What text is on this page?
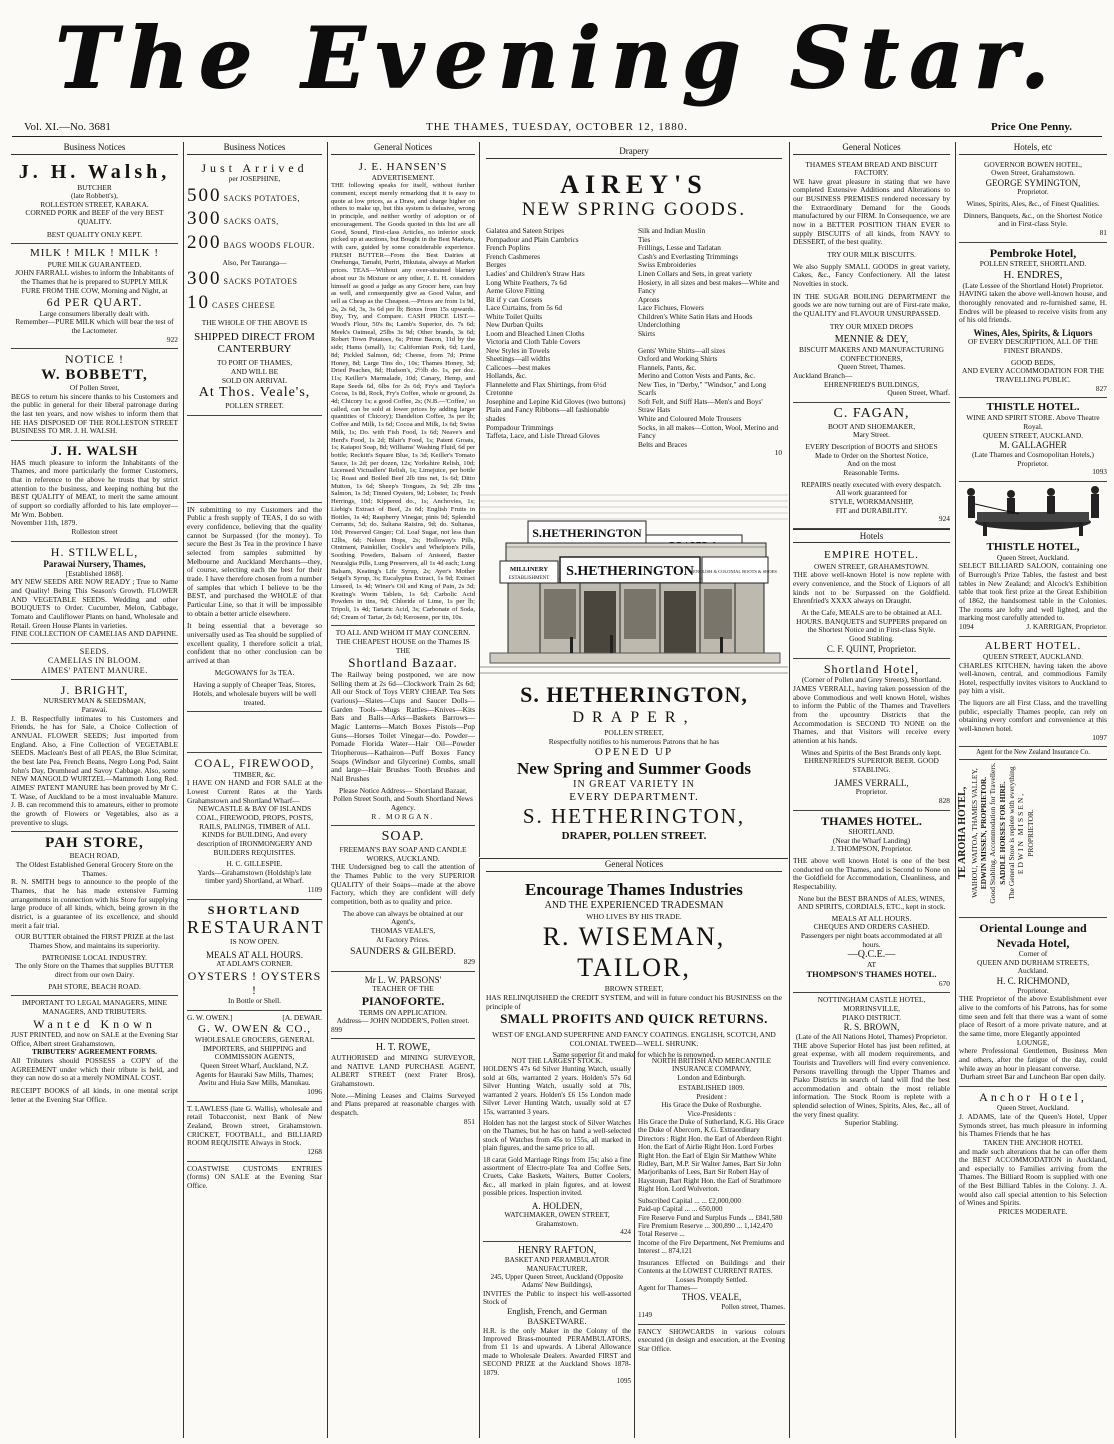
The Evening Star.
Vol. XI.—No. 3681	THE THAMES, TUESDAY, OCTOBER 12, 1880.	Price One Penny.
Business Notices
J. H. Walsh,
BUTCHER
(late Robbett's),
ROLLESTON STREET, KARAKA.
CORNED PORK and BEEF of the very BEST QUALITY.
BEST QUALITY ONLY KEPT.
MILK ! MILK ! MILK !
PURE MILK GUARANTEED.
JOHN FARRALL wishes to inform the Inhabitants of the Thames that he is prepared to SUPPLY MILK FURE FROM THE COW, Morning and Night, at
6d PER QUART.
Large consumers liberally dealt with.
Remember—PURE MILK which will bear the test of the Lactometer.
922
NOTICE !
W. BOBBETT,
Of Pollen Street,
BEGS to return his sincere thanks to his Customers and the public in general for their liberal patronage during the last ten years, and now wishes to inform them that HE HAS DISPOSED OF THE ROLLESTON STREET BUSINESS TO MR. J. H. WALSH.
J. H. WALSH
HAS much pleasure to inform the Inhabitants of the Thames, and more particularly the former Customers, that in reference to the above he trusts that by strict attention to the business, and keeping nothing but the BEST QUALITY of MEAT, to merit the same amount of support so cordially afforded to his late employer—Mr Wm. Bobbett.
November 11th, 1879.
Rolleston street
H. STILWELL,
Parawai Nursery, Thames,
[Established 1868].
MY NEW SEEDS ARE NOW READY ; True to Name and Quality! Being This Season's Growth. FLOWER AND VEGETABLE SEEDS. Wedding and other BOUQUETS to Order. Cucumber, Melon, Cabbage, Tomato and Cauliflower Plants on hand, Wholesale and Retail. Green House Plants in varieties.
FINE COLLECTION OF CAMELIAS AND DAPHNE.
SEEDS.
CAMELIAS IN BLOOM.
AIMES' PATENT MANURE.
J. BRIGHT,
NURSERYMAN & SEEDSMAN,
Parawai.
J. B. Respectfully intimates to his Customers and Friends, he has for Sale, a Choice Collection of ANNUAL FLOWER SEEDS; Just imported from England. Also, a Fine Collection of VEGETABLE SEEDS. Maclean's Best of all PEAS, the Blue Scimitar, the best late Pea, French Beans, Negro Long Pod, Saint John's Day, Drumhead and Savoy Cabbage. Also, some NEW MANGOLD WURTZEL—Mammoth Long Red. AIMES' PATENT MANURE has been proved by Mr C. T. Wase, of Auckland to be a most invaluable Manure. J. B. can recommend this to amateurs, either to promote the growth of Flowers or Vegetables, also as a preventive to slugs.
PAH STORE,
BEACH ROAD,
The Oldest Established General Grocery Store on the Thames.
R. N. SMITH begs to announce to the people of the Thames, that he has made extensive Farming arrangements in connection with his Store for supplying large produce of all kinds, which, being grown in the district, is a guarantee of its excellence, and should merit a fair trial.
OUR BUTTER obtained the FIRST PRIZE at the last Thames Show, and maintains its superiority.
PATRONISE LOCAL INDUSTRY.
The only Store on the Thames that supplies BUTTER direct from our own Dairy.
PAH STORE, BEACH ROAD.
IMPORTANT TO LEGAL MANAGERS, MINE MANAGERS, AND TRIBUTERS.
Wanted Known
JUST PRINTED, and now on SALE at the Evening Star Office, Albert street Grahamstown,
TRIBUTERS' AGREEMENT FORMS.
All Tributers should POSSESS a COPY of the AGREEMENT under which their tribute is held, and they can now do so at a merely NOMINAL COST.
RECEIPT BOOKS of all kinds, in one mental script letter at the Evening Star Office.
Business Notices
Just Arrived
per JOSEPHINE,
500 SACKS POTATOES,
300 SACKS OATS,
200 BAGS WOODS FLOUR.
Also, Per Tauranga—
300 SACKS POTATOES
10 CASES CHEESE
THE WHOLE OF THE ABOVE IS
SHIPPED DIRECT FROM CANTERBURY
TO PORT OF THAMES,
AND WILL BE
SOLD ON ARRIVAL
At Thos. Veale's,
POLLEN STREET.
IN submitting to my Customers and the Public a fresh supply of TEAS, I do so with every confidence, believing that the quality cannot be Surpassed (for the money). To secure the Best 3s Tea in the province I have selected from samples submitted by Melbourne and Auckland Merchants—they, of course, selecting each the best for their trade. I have therefore chosen from a number of samples that which I believe to be the BEST, and purchased the WHOLE of that Particular Line, so that it will be impossible to obtain a better article elsewhere.
It being essential that a beverage so universally used as Tea should be supplied of excellent quality, I therefore solicit a trial, confident that no other conclusion can be arrived at than
McGOWAN'S for 3s TEA.
Having a supply of Cheaper Teas, Stores, Hotels, and wholesale buyers will be well treated.
COAL, FIREWOOD,
TIMBER, &c.
I HAVE ON HAND and FOR SALE at the Lowest Current Rates at the Yards Grahamstown and Shortland Wharf—
NEWCASTLE & BAY OF ISLANDS COAL, FIREWOOD, PROPS, POSTS, RAILS, PALINGS, TIMBER of ALL KINDS for BUILDING, And every description of IRONMONGERY AND BUILDERS REQUISITES.
H. C. GILLESPIE.
Yards—Grahamstown (Holdship's late timber yard) Shortland, at Wharf.
1109
SHORTLAND
RESTAURANT
IS NOW OPEN.
MEALS AT ALL HOURS.
AT ADLAM'S CORNER.
OYSTERS ! OYSTERS !
In Bottle or Shell.
G. W. OWEN.]	[A. DEWAR.
G. W. OWEN & CO.,
WHOLESALE GROCERS, GENERAL IMPORTERS, and SHIPPING and COMMISSION AGENTS,
Queen Street Wharf, Auckland, N.Z.
Agents for Hauraki Saw Mills, Thames; Awitu and Huia Saw Mills, Manukau.
1096
T. LAWLESS (late G. Wallis), wholesale and retail Tobacconist, next Bank of New Zealand, Brown street, Grahamstown. CRICKET, FOOTBALL, and BILLIARD ROOM REQUISITE Always in Stock.
1268
COASTWISE CUSTOMS ENTRIES (forms) ON SALE at the Evening Star Office.
General Notices
J. E. HANSEN'S
ADVERTISEMENT.
THE following speaks for itself, without further comment, except merely remarking that it is easy to quote at low prices, as a Draw, and charge higher on others to make up, but this system is delusive, wrong in principle, and neither worthy of adoption or of encouragement. The Goods quoted in this list are all Good, Sound, First-class Articles, no inferior stock picked up at auctions, but Bought in the Best Markets, with care, guided by some considerable experience. FRESH BUTTER—From the Best Dairies at Onehunga, Tamahi, Puriri, Hikutaia, always at Market prices. TEAS—Without any over-strained blarney about our 3s Mixture or any other, J. E. H. considers himself as good a judge as any Grocer here, can buy as well, and consequently give as Good Value, and sell as Cheap as the Cheapest.—Prices are from 1s 9d, 2s, 2s 6d, 3s, 3s 6d per lb; Boxes from 15s upwards. Buy, Try, and Compare. CASH PRICE LIST.—Wood's Flour, 50's 8s; Lamb's Superior, do. 7s 6d; Meek's Oatmeal, 25lbs 3s 9d; Other brands, 3s 6d; Robert Town Potatoes, 6s; Prime Bacon, 11d by the side; Hams (small), 1s; Californian Pork, 6d; Lard, 8d; Pickled Salmon, 6d; Cheese, from 7d; Prime Honey, 8d; Large Tins do., 10s; Thames Honey, 3d; Dried Peaches, 8d; Hudson's, 2½lb do. 1s, per doz. 11s; Keiller's Marmalade, 10d; Canary, Hemp, and Rape Seeds 6d, 6lbs for 2s 6d; Fry's and Taylor's Cocoa, 1s 8d, Rock, Fry's Coffee, whole or ground, 2s 4d; Chicory 1s; a good Coffee, 2s; (N.B.—'Coffee,' so called, can be sold at lower prices by adding larger quantities of Chicory); Dandelion Coffee, 3s per lb; Coffee and Milk, 1s 6d; Cocoa and Milk, 1s 6d; Swiss Milk, 1s; Do. with Fish Food, 1s 6d; Neave's and Herd's Food, 1s 2d; Blair's Food, 1s; Patent Groats, 1s; Kaiapoi Soap, 8d; Williams' Washing Fluid, 6d per bottle; Reckitt's Square Blue, 1s 3d; Keiller's Tomato Sauce, 1s 2d; per dozen, 12s; Yorkshire Relish, 10d; Licensed Victuallers' Relish, 1s; Limejuice, per bottle 1s; Roast and Boiled Beef 2lb tins net, 1s 6d; Ditto Mutton, 1s 6d; Sheep's Tongues, 2s 9d; 2lb tins Salmon, 1s 3d; Tinned Oysters, 9d; Lobster, 1s; Fresh Herrings, 10d; Kippered do., 1s; Anchovies, 1s; Liebig's Extract of Beef, 2s 6d; English Fruits in Bottles, 1s 4d; Raspberry Vinegar, pints 9d; Splendid Currants, 5d; do. Sultana Raisins, 9d; do. Sultanas, 10d; Preserved Ginger; Cd. Loaf Sugar, not less than 12lbs, 6d; Nelson Hops, 2s; Holloway's Pills, Ointment, Painkiller, Cockle's and Whelpton's Pills, Soothing Powders, Balsam of Aniseed, Baxter Neuralgia Pills, Lung Preservers, all 1s 4d each; Lung Balsam, Keating's Life Syrup, 2s; Ayer's Mother Seigel's Syrup, 3s; Eucalyptus Extract, 1s 9d; Extract Linseed, 1s 4d; Winer's Oil and King of Pain, 2s 3d; Keating's Worm Tablets, 1s 6d; Carbolic Acid Powders in tins, 9d; Chloride of Lime, 1s per lb; Tripoli, 1s 4d; Tartaric Acid, 3s; Carbonate of Soda, 6d; Cream of Tartar, 2s 6d; Kerosene, per tin, 10s.
TO ALL AND WHOM IT MAY CONCERN.
THE CHEAPEST HOUSE on the Thames IS THE
Shortland Bazaar.
The Railway being postponed, we are now Selling them at 2s 6d—Clockwork Train 2s 6d; All our Stock of Toys VERY CHEAP. Tea Sets (various)—Slates—Cups and Saucer Dolls—Garden Tools—Mugs Rattles—Knives—Kits Bats and Balls—Arks—Baskets Barrows—Magic Lanterns—Match Boxes Pistols—Pop Guns—Horses Toilet Vinegar—do. Powder—Pomade Florida Water—Hair Oil—Powder Triopherous—Kathairon—Puff Boxes Fancy Soaps (Windsor and Glycerine) Combs, small and large—Hair Brushes Tooth Brushes and Nail Brushes
Please Notice Address— Shortland Bazaar, Pollen Street South, and South Shortland News Agency.
R. MORGAN.
SOAP.
FREEMAN'S BAY SOAP AND CANDLE WORKS, AUCKLAND.
THE Undersigned beg to call the attention of the Thames Public to the very SUPERIOR QUALITY of their Soaps—made at the above Factory, which they are confident will defy competition, both as to quality and price.
The above can always be obtained at our Agent's,
THOMAS VEALE'S,
At Factory Prices.
SAUNDERS & GILBERD.
829
Mr L. W. PARSONS'
TEACHER OF THE
PIANOFORTE.
TERMS ON APPLICATION.
Address— JOHN NODDER'S, Pollen street.
899
H. T. ROWE,
AUTHORISED and MINING SURVEYOR, and NATIVE LAND PURCHASE AGENT, ALBERT STREET (next Frater Bros), Grahamstown.
Note.—Mining Leases and Claims Surveyed and Plans prepared at reasonable charges with despatch.
851
Drapery
AIREY'S
NEW SPRING GOODS.
Galatea and Sateen Stripes
Pompadour and Plain Cambrics
French Poplins
French Cashmeres
Berges
Ladies' and Children's Straw Hats
Long White Feathers, 7s 6d
Aeme Glove Fitting
Bit if y can Corsets
Lace Curtains, from 5s 6d
White Toilet Quilts
New Durban Quilts
Loom and Bleached Linen Cloths
Victoria and Cloth Table Covers
New Styles in Towels
Sheetings—all widths
Calicoes—best makes
Hollands, &c.
Flannelette and Flax Shirtings, from 6½d
Cretonne
Josephine and Lepine Kid Gloves (two buttons)
Plain and Fancy Ribbons—all fashionable shades
Pompadour Trimmings
Taffeta, Lace, and Lisle Thread Gloves
Silk and Indian Muslin
Ties
Frillings, Lesse and Tarlatan
Cash's and Everlasting Trimmings
Swiss Embroideries
Linen Collars and Sets, in great variety
Hosiery, in all sizes and best makes—White and Fancy
Aprons
Lace Fichues, Flowers
Children's White Satin Hats and Hoods
Underclothing
Skirts

Gents' White Shirts—all sizes
Oxford and Working Shirts
Flannels, Pants, &c.
Merino and Cotton Vests and Pants, &c.
New Ties, in "Derby," "Windsor," and Long Scarfs
Soft Felt, and Stiff Hats—Men's and Boys'
Straw Hats
White and Coloured Mole Trousers
Socks, in all makes—Cotton, Wool, Merino and Fancy
Belts and Braces
10
S.HETHERINGTON
MILLINERY
ESTABLISHMENT S.HETHERINGTON ENGLISH & COLONIAL BOOTS & SHOES
S. HETHERINGTON,
DRAPER,
POLLEN STREET,
Respectfully notifies to his numerous Patrons that he has
OPENED UP
New Spring and Summer Goods
IN GREAT VARIETY IN
EVERY DEPARTMENT.
S. HETHERINGTON,
DRAPER, POLLEN STREET.
General Notices
Encourage Thames Industries
AND THE EXPERIENCED TRADESMAN
WHO LIVES BY HIS TRADE.
R. WISEMAN, TAILOR,
BROWN STREET,
HAS RELINQUISHED the CREDIT SYSTEM, and will in future conduct his BUSINESS on the principle of
SMALL PROFITS AND QUICK RETURNS.
WEST OF ENGLAND SUPERFINE AND FANCY COATINGS. ENGLISH, SCOTCH, AND COLONIAL TWEED—WELL SHRUNK.
Same superior fit and make for which he is renowned.
NOT THE LARGEST STOCK.
HOLDEN'S 47s 6d Silver Hunting Watch, usually sold at 60s, warranted 2 years. Holden's 57s 6d Silver Hunting Watch, usually sold at 70s, warranted 2 years. Holden's £6 15s London made Silver Lever Hunting Watch, usually sold at £7 15s, warranted 3 years.
Holden has not the largest stock of Silver Watches on the Thames, but he has on hand a well-selected stock of Watches from 45s to 155s, all marked in plain figures, and the same price to all.
18 carat Gold Marriage Rings from 15s; also a fine assortment of Electro-plate Tea and Coffee Sets, Cruets, Cake Baskets, Waiters, Butter Coolers, &c., all marked in plain figures, and at lowest possible prices. Inspection invited.
A. HOLDEN,
WATCHMAKER, OWEN STREET,
Grahamstown.
424
HENRY RAFTON,
BASKET AND PERAMBULATOR MANUFACTURER,
245, Upper Queen Street, Auckland (Opposite Adams' New Buildings),
INVITES the Public to inspect his well-assorted Stock of
English, French, and German BASKETWARE.
H.R. is the only Maker in the Colony of the Improved Brass-mounted PERAMBULATORS, from £1 1s and upwards. A Liberal Allowance made to Wholesale Dealers. Awarded FIRST and SECOND PRIZE at the Auckland Shows 1878-1879.
1095
NORTH BRITISH AND MERCANTILE INSURANCE COMPANY,
London and Edinburgh.
ESTABLISHED 1809.
President :
His Grace the Duke of Roxburghe.
Vice-Presidents :
His Grace the Duke of Sutherland, K.G. His Grace the Duke of Abercorn, K.G. Extraordinary Directors : Right Hon. the Earl of Aberdeen Right Hon. the Earl of Airlie Right Hon. Lord Forbes Right Hon. the Earl of Elgin Sir Matthew White Ridley, Bart, M.P. Sir Walter James, Bart Sir John Marjoribanks of Lees, Bart Sir Robert Hay of Haystoun, Bart Right Hon. the Earl of Strathmore Right Hon. Lord Wolverton.
Subscribed Capital ... ... £2,000,000
Paid-up Capital ... ... 650,000
Fire Reserve Fund and Surplus Funds ... £841,580
Fire Premium Reserve ... 300,890 ... 1,142,470
Total Reserve ...
Income of the Fire Department, Net Premiums and Interest ... 874,121
Insurances Effected on Buildings and their Contents at the LOWEST CURRENT RATES.
Losses Promptly Settled.
Agent for Thames—
THOS. VEALE,
Pollen street, Thames.
1149
FANCY SHOWCARDS in various colours executed (in design and execution, at the Evening Star Office.
General Notices
THAMES STEAM BREAD AND BISCUIT FACTORY.
WE have great pleasure in stating that we have completed Extensive Additions and Alterations to our BUSINESS PREMISES rendered necessary by the Extraordinary Demand for the Goods manufactured by our FIRM. In Consequence, we are now in a BETTER POSITION THAN EVER to supply BISCUITS of all kinds, from NAVY to DESSERT, of the best quality.
TRY OUR MILK BISCUITS.
We also Supply SMALL GOODS in great variety, Cakes, &c., Fancy Confectionery. All the latest Novelties in stock.
IN THE SUGAR BOILING DEPARTMENT the goods we are now turning out are of First-rate make, the QUALITY and FLAVOUR UNSURPASSED.
TRY OUR MIXED DROPS
MENNIE & DEY,
BISCUIT MAKERS AND MANUFACTURING CONFECTIONERS,
Queen Street, Thames.
Auckland Branch—
EHRENFRIED'S BUILDINGS,
Queen Street, Wharf.
C. FAGAN,
BOOT AND SHOEMAKER,
Mary Street.
EVERY Description of BOOTS and SHOES
Made to Order on the Shortest Notice,
And on the most
Reasonable Terms.
REPAIRS neatly executed with every despatch.
All work guaranteed for
STYLE, WORKMANSHIP,
FIT and DURABILITY.
924
Hotels
EMPIRE HOTEL.
OWEN STREET, GRAHAMSTOWN.
THE above well-known Hotel is now replete with every convenience, and the Stock of Liquors of all kinds not to be Surpassed on the Goldfield. Ehrenfried's XXXX always on Draught.
At the Cafe, MEALS are to be obtained at ALL HOURS. BANQUETS and SUPPERS prepared on the Shortest Notice and in First-class Style.
Good Stabling.
C. F. QUINT, Proprietor.
Shortland Hotel,
(Corner of Pollen and Grey Streets), Shortland.
JAMES VERRALL, having taken possession of the above Commodious and well known Hotel, wishes to inform the Public of the Thames and Travellers from the upcountry Districts that the Accommodation is SECOND TO NONE on the Thames, and that Visitors will receive every attention at his hands.
Wines and Spirits of the Best Brands only kept.
EHRENFRIED'S SUPERIOR BEER. GOOD STABLING.
JAMES VERRALL,
Proprietor.
828
THAMES HOTEL.
SHORTLAND.
(Near the Wharf Landing)
J. THOMPSON, Proprietor.
THE above well known Hotel is one of the best conducted on the Thames, and is Second to None on the Goldfield for Accommodation, Cleanliness, and Respectability.
None but the BEST BRANDS of ALES, WINES, AND SPIRITS, CORDIALS, ETC., kept in stock.
MEALS AT ALL HOURS.
CHEQUES AND ORDERS CASHED.
Passengers per night boats accommodated at all hours.
—Q.C.E.—
AT
THOMPSON'S THAMES HOTEL.
670
NOTTINGHAM CASTLE HOTEL,
MORRINSVILLE,
PIAKO DISTRICT.
R. S. BROWN,
(Late of the All Nations Hotel, Thames) Proprietor.
THE above Superior Hotel has just been refitted, at great expense, with all modern requirements, and Tourists and Travellers will find every convenience. Persons travelling through the Upper Thames and Piako Districts in search of land will find the best accommodation and obtain the most reliable information. The Stock Room is replete with a splendid selection of Wines, Spirits, Ales, &c., all of the very finest quality.
Superior Stabling.
Hotels, etc
GOVERNOR BOWEN HOTEL,
Owen Street, Grahamstown.
GEORGE SYMINGTON,
Proprietor.
Wines, Spirits, Ales, &c., of Finest Qualities.
Dinners, Banquets, &c., on the Shortest Notice and in First-class Style.
81
Pembroke Hotel,
POLLEN STREET, SHORTLAND.
H. ENDRES,
(Late Lessee of the Shortland Hotel) Proprietor.
HAVING taken the above well-known house, and thoroughly renovated and re-furnished same, H. Endres will be pleased to receive visits from any of his old friends.
Wines, Ales, Spirits, & Liquors
OF EVERY DESCRIPTION, ALL OF THE FINEST BRANDS.
GOOD BEDS,
AND EVERY ACCOMMODATION FOR THE
TRAVELLING PUBLIC.
827
THISTLE HOTEL.
WINE AND SPIRIT STORE. Above Theatre Royal.
QUEEN STREET, AUCKLAND.
M. GALLAGHER
(Late Thames and Cosmopolitan Hotels,) Proprietor.
1093
THISTLE HOTEL,
Queen Street, Auckland.
SELECT BILLIARD SALOON, containing one of Burrough's Prize Tables, the fastest and best tables in New Zealand; and Alcock's Exhibition table that took first prize at the Great Exhibition of 1862, the handsomest table in the Colonies. The rooms are lofty and well lighted, and the marking most carefully attended to.
1094	J. KARRIGAN, Proprietor.
ALBERT HOTEL.
QUEEN STREET, AUCKLAND.
CHARLES KITCHEN, having taken the above well-known, central, and commodious Family Hotel, respectfully invites visitors to Auckland to pay him a visit.
The liquors are all First Class, and the travelling public, especially Thames people, can rely on obtaining every comfort and convenience at this well-known hotel.
1097
Agent for the New Zealand Insurance Co.
TE AROHA HOTEL, WAIHOU, WAITOA, THAMES VALLEY, EDWIN MISSEN, PROPRIETOR. Good Stabling. Accommodation for Travellers. SADDLE HORSES FOR HIRE. The General Store is replete with everything EDWIN MISSEN, PROPRIETOR.
Oriental Lounge and Nevada Hotel,
Corner of
QUEEN AND DURHAM STREETS,
Auckland.
H. C. RICHMOND,
Proprietor.
THE Proprietor of the above Establishment ever alive to the comforts of his Patrons, has for some time seen and felt that there was a want of some place of Resort of a more private nature, and at the same time, more Elegantly appointed
LOUNGE,
where Professional Gentlemen, Business Men and others, after the fatigue of the day, could while away an hour in pleasant converse.
Durham street Bar and Luncheon Bar open daily.
Anchor Hotel,
Queen Street, Auckland.
J. ADAMS, late of the Queen's Hotel, Upper Symonds street, has much pleasure in informing his Thames Friends that he has
TAKEN THE ANCHOR HOTEL
and made such alterations that he can offer them the BEST ACCOMMODATION in Auckland, and especially to Families arriving from the Thames. The Billiard Room is supplied with one of the Best Billiard Tables in the Colony. J. A. would also call special attention to his Selection of Wines and Spirits.
PRICES MODERATE.
